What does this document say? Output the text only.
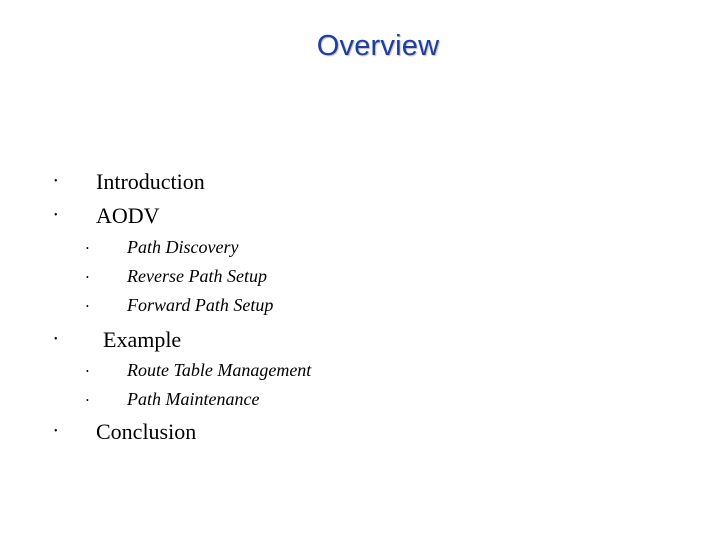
Overview
• Introduction
• AODV
• Path Discovery
• Reverse Path Setup
• Forward Path Setup
• Example
• Route Table Management
• Path Maintenance
• Conclusion
